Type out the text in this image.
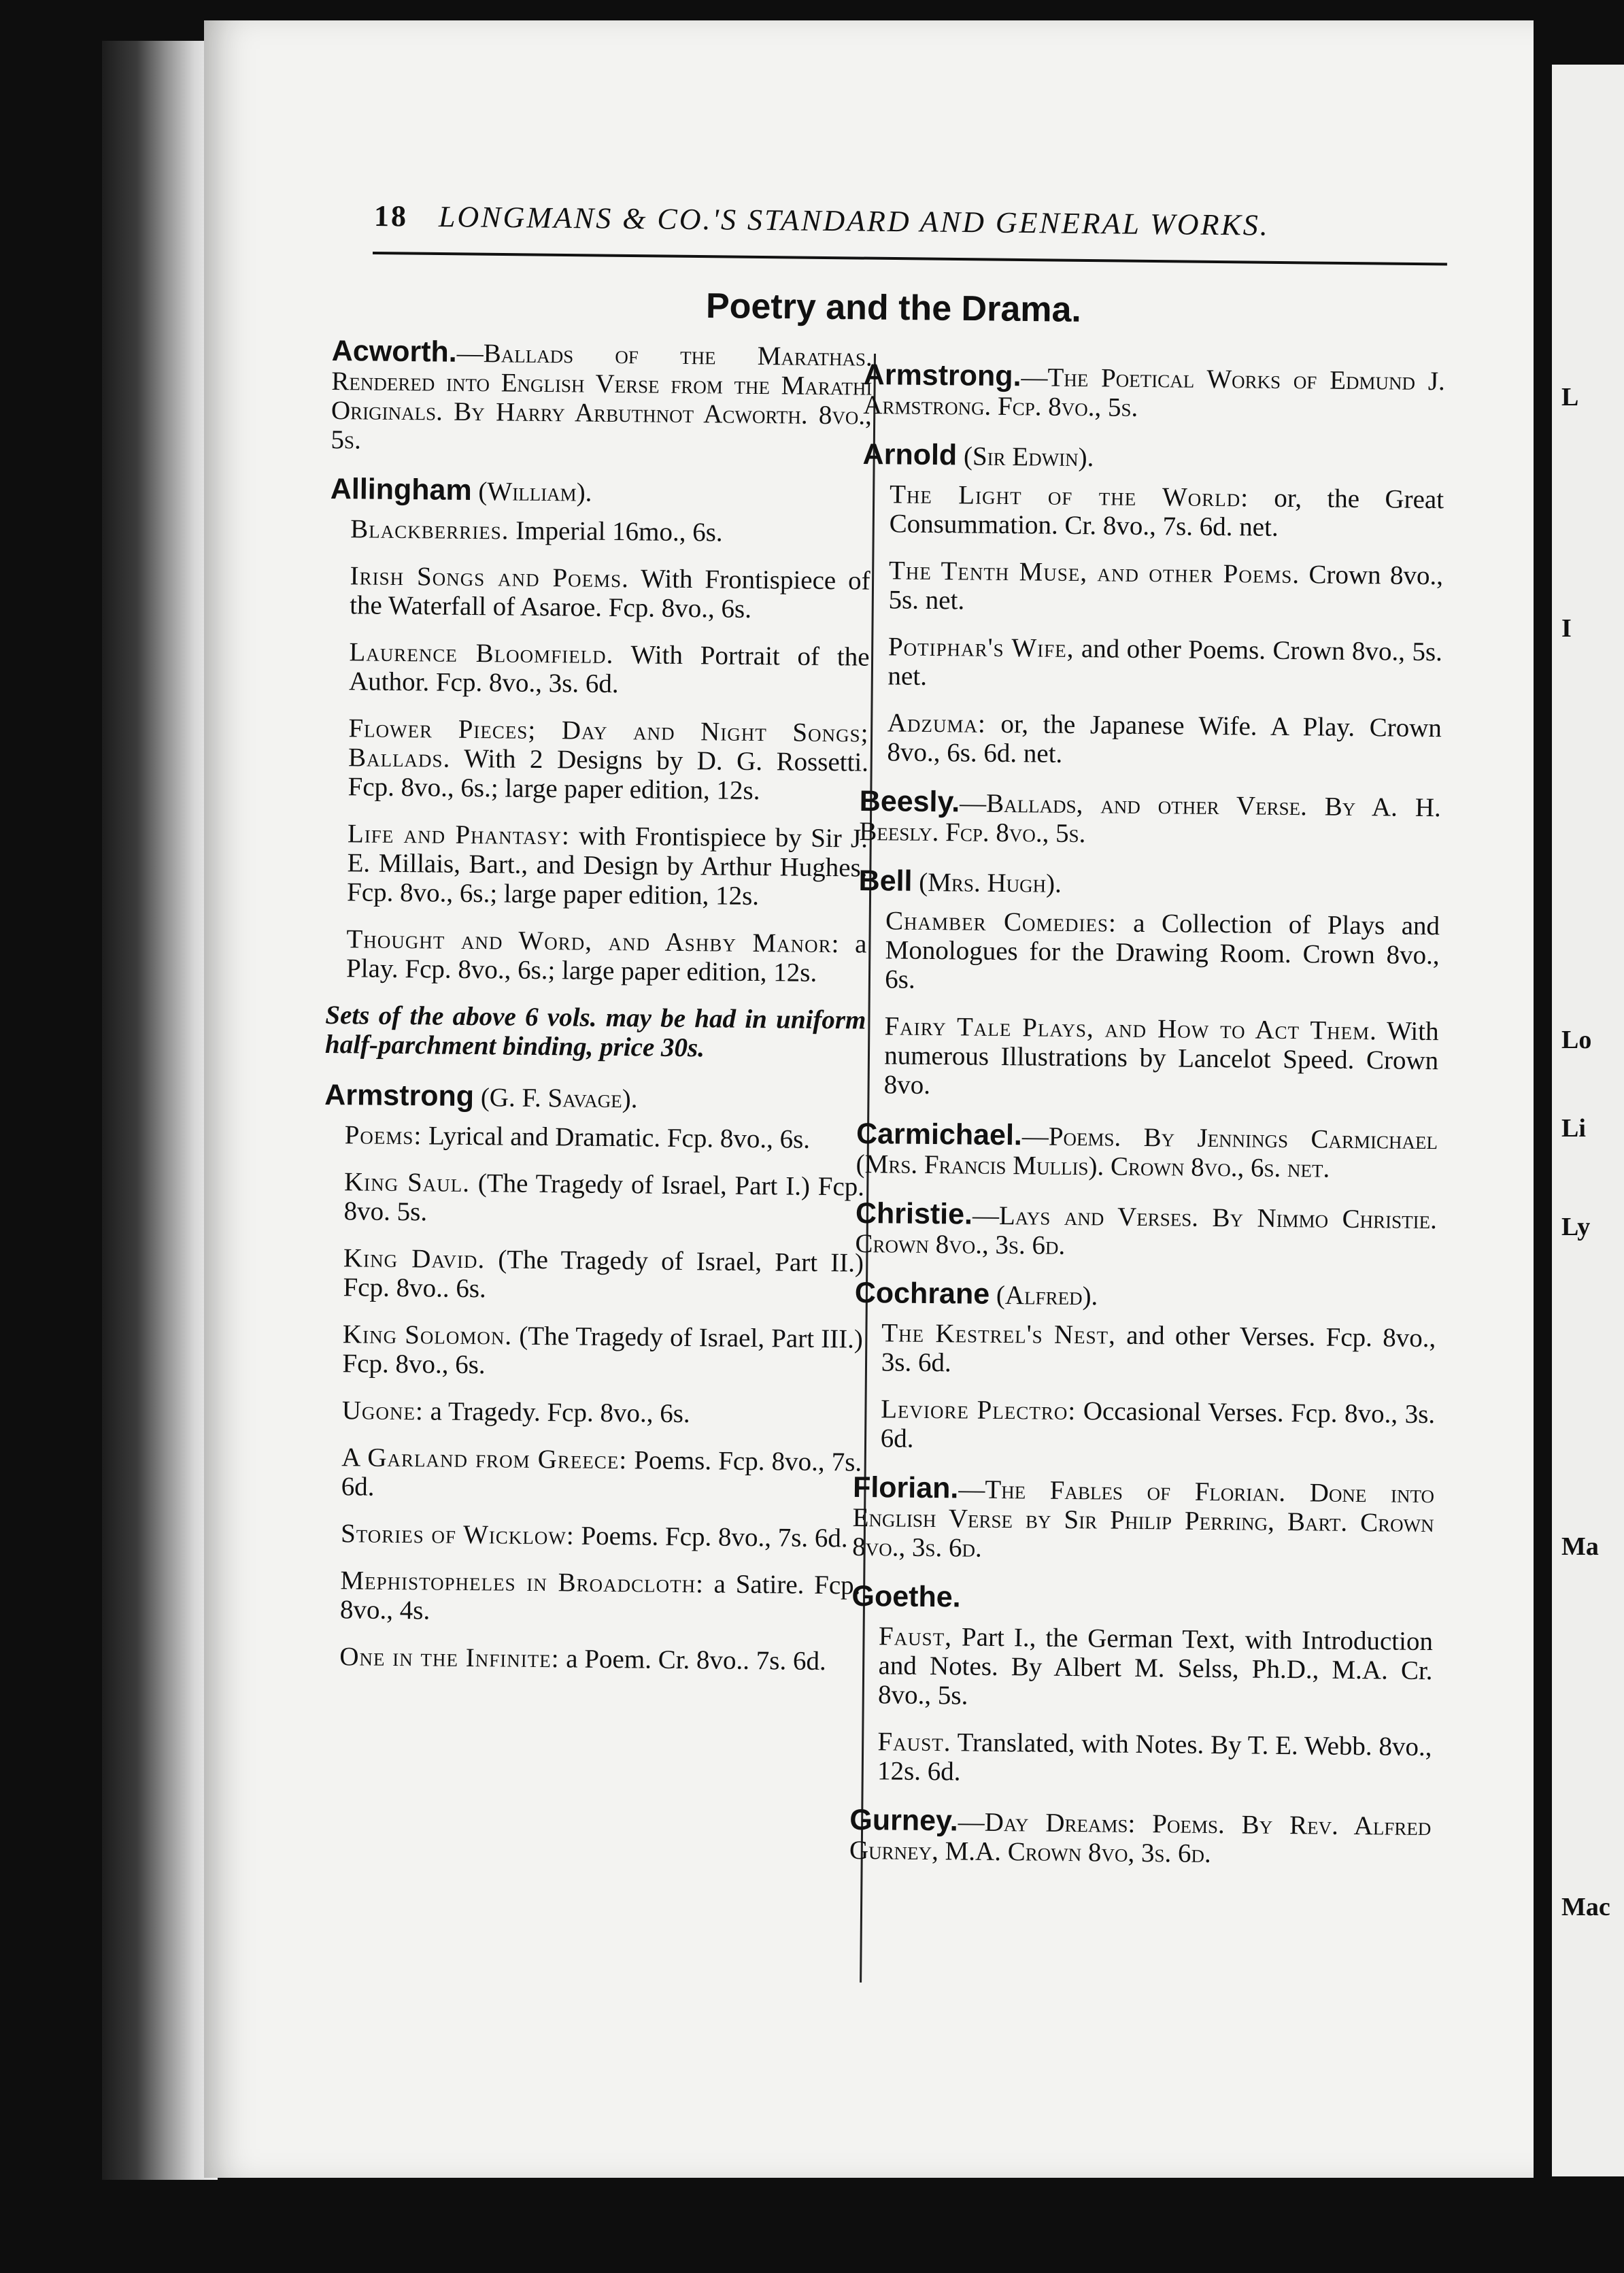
L
I
Lo
Li
Ly
Ma
Mac
18 LONGMANS & CO.'S STANDARD AND GENERAL WORKS.
Poetry and the Drama.
Acworth.—Ballads of the Marathas. Rendered into English Verse from the Marathi Originals. By Harry Arbuthnot Acworth. 8vo., 5s.
Allingham (William).
Blackberries. Imperial 16mo., 6s.
Irish Songs and Poems. With Frontispiece of the Waterfall of Asaroe. Fcp. 8vo., 6s.
Laurence Bloomfield. With Portrait of the Author. Fcp. 8vo., 3s. 6d.
Flower Pieces; Day and Night Songs; Ballads. With 2 Designs by D. G. Rossetti. Fcp. 8vo., 6s.; large paper edition, 12s.
Life and Phantasy: with Frontispiece by Sir J. E. Millais, Bart., and Design by Arthur Hughes. Fcp. 8vo., 6s.; large paper edition, 12s.
Thought and Word, and Ashby Manor: a Play. Fcp. 8vo., 6s.; large paper edition, 12s.
Sets of the above 6 vols. may be had in uniform half-parchment binding, price 30s.
Armstrong (G. F. Savage).
Poems: Lyrical and Dramatic. Fcp. 8vo., 6s.
King Saul. (The Tragedy of Israel, Part I.) Fcp. 8vo. 5s.
King David. (The Tragedy of Israel, Part II.) Fcp. 8vo.. 6s.
King Solomon. (The Tragedy of Israel, Part III.) Fcp. 8vo., 6s.
Ugone: a Tragedy. Fcp. 8vo., 6s.
A Garland from Greece: Poems. Fcp. 8vo., 7s. 6d.
Stories of Wicklow: Poems. Fcp. 8vo., 7s. 6d.
Mephistopheles in Broadcloth: a Satire. Fcp. 8vo., 4s.
One in the Infinite: a Poem. Cr. 8vo.. 7s. 6d.
Armstrong.—The Poetical Works of Edmund J. Armstrong. Fcp. 8vo., 5s.
Arnold (Sir Edwin).
The Light of the World: or, the Great Consummation. Cr. 8vo., 7s. 6d. net.
The Tenth Muse, and other Poems. Crown 8vo., 5s. net.
Potiphar's Wife, and other Poems. Crown 8vo., 5s. net.
Adzuma: or, the Japanese Wife. A Play. Crown 8vo., 6s. 6d. net.
Beesly.—Ballads, and other Verse. By A. H. Beesly. Fcp. 8vo., 5s.
Bell (Mrs. Hugh).
Chamber Comedies: a Collection of Plays and Monologues for the Drawing Room. Crown 8vo., 6s.
Fairy Tale Plays, and How to Act Them. With numerous Illustrations by Lancelot Speed. Crown 8vo.
Carmichael.—Poems. By Jennings Carmichael (Mrs. Francis Mullis). Crown 8vo., 6s. net.
Christie.—Lays and Verses. By Nimmo Christie. Crown 8vo., 3s. 6d.
Cochrane (Alfred).
The Kestrel's Nest, and other Verses. Fcp. 8vo., 3s. 6d.
Leviore Plectro: Occasional Verses. Fcp. 8vo., 3s. 6d.
Florian.—The Fables of Florian. Done into English Verse by Sir Philip Perring, Bart. Crown 8vo., 3s. 6d.
Goethe.
Faust, Part I., the German Text, with Introduction and Notes. By Albert M. Selss, Ph.D., M.A. Cr. 8vo., 5s.
Faust. Translated, with Notes. By T. E. Webb. 8vo., 12s. 6d.
Gurney.—Day Dreams: Poems. By Rev. Alfred Gurney, M.A. Crown 8vo, 3s. 6d.
